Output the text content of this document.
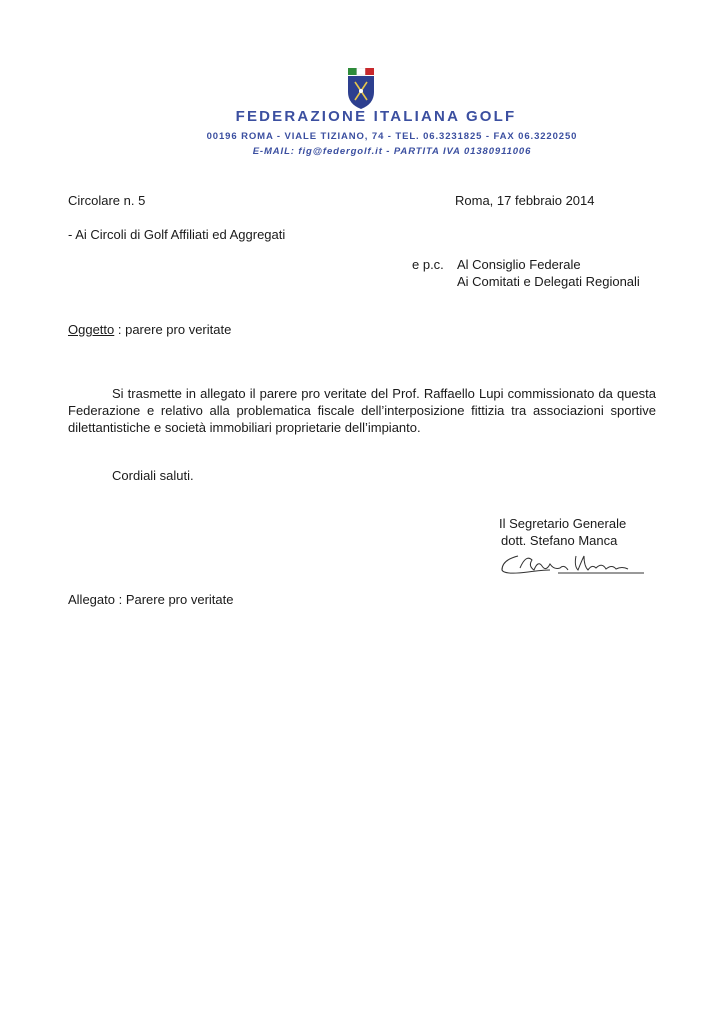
FEDERAZIONE ITALIANA GOLF
00196 ROMA - VIALE TIZIANO, 74 - TEL. 06.3231825 - FAX 06.3220250
E-MAIL: fig@federgolf.it - PARTITA IVA 01380911006
Circolare n. 5	Roma, 17 febbraio 2014
- Ai Circoli di Golf Affiliati ed Aggregati
e p.c. Al Consiglio Federale
Ai Comitati e Delegati Regionali
Oggetto : parere pro veritate
Si trasmette in allegato il parere pro veritate del Prof. Raffaello Lupi commissionato da questa Federazione e relativo alla problematica fiscale dell’interposizione fittizia tra associazioni sportive dilettantistiche e società immobiliari proprietarie dell’impianto.
Cordiali saluti.
Il Segretario Generale
dott. Stefano Manca
Allegato : Parere pro veritate
